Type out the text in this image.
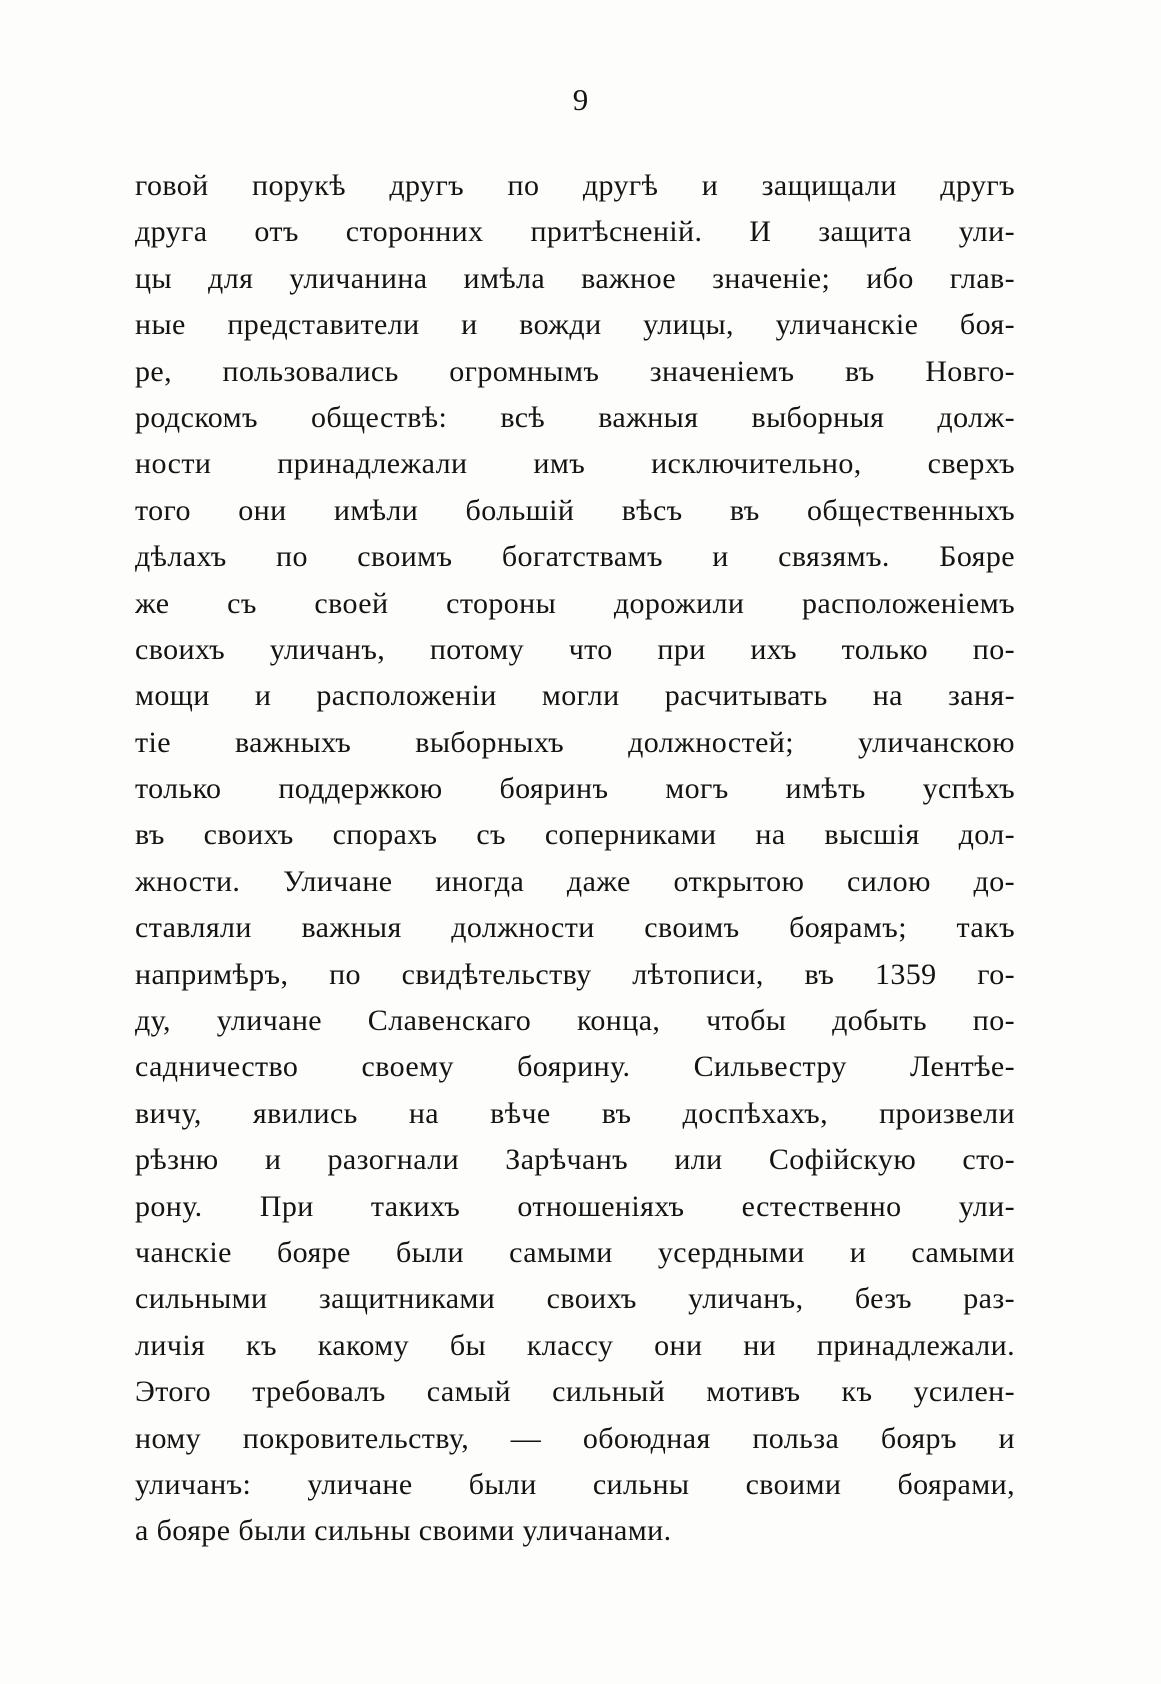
9
говой порукѣ другъ по другѣ и защищали другъ
друга отъ сторонних притѣсненій. И защита ули-
цы для уличанина имѣла важное значеніе; ибо глав-
ные представители и вожди улицы, уличанскіе боя-
ре, пользовались огромнымъ значеніемъ въ Новго-
родскомъ обществѣ: всѣ важныя выборныя долж-
ности принадлежали имъ исключительно, сверхъ
того они имѣли большій вѣсъ въ общественныхъ
дѣлахъ по своимъ богатствамъ и связямъ. Бояре
же съ своей стороны дорожили расположеніемъ
своихъ уличанъ, потому что при ихъ только по-
мощи и расположеніи могли расчитывать на заня-
тіе важныхъ выборныхъ должностей; уличанскою
только поддержкою бояринъ могъ имѣть успѣхъ
въ своихъ спорахъ съ соперниками на высшія дол-
жности. Уличане иногда даже открытою силою до-
ставляли важныя должности своимъ боярамъ; такъ
напримѣръ, по свидѣтельству лѣтописи, въ 1359 го-
ду, уличане Славенскаго конца, чтобы добыть по-
садничество своему боярину. Сильвестру Лентѣе-
вичу, явились на вѣче въ доспѣхахъ, произвели
рѣзню и разогнали Зарѣчанъ или Софійскую сто-
рону. При такихъ отношеніяхъ естественно ули-
чанскіе бояре были самыми усердными и самыми
сильными защитниками своихъ уличанъ, безъ раз-
личія къ какому бы классу они ни принадлежали.
Этого требовалъ самый сильный мотивъ къ усилен-
ному покровительству, — обоюдная польза бояръ и
уличанъ: уличане были сильны своими боярами,
а бояре были сильны своими уличанами.
